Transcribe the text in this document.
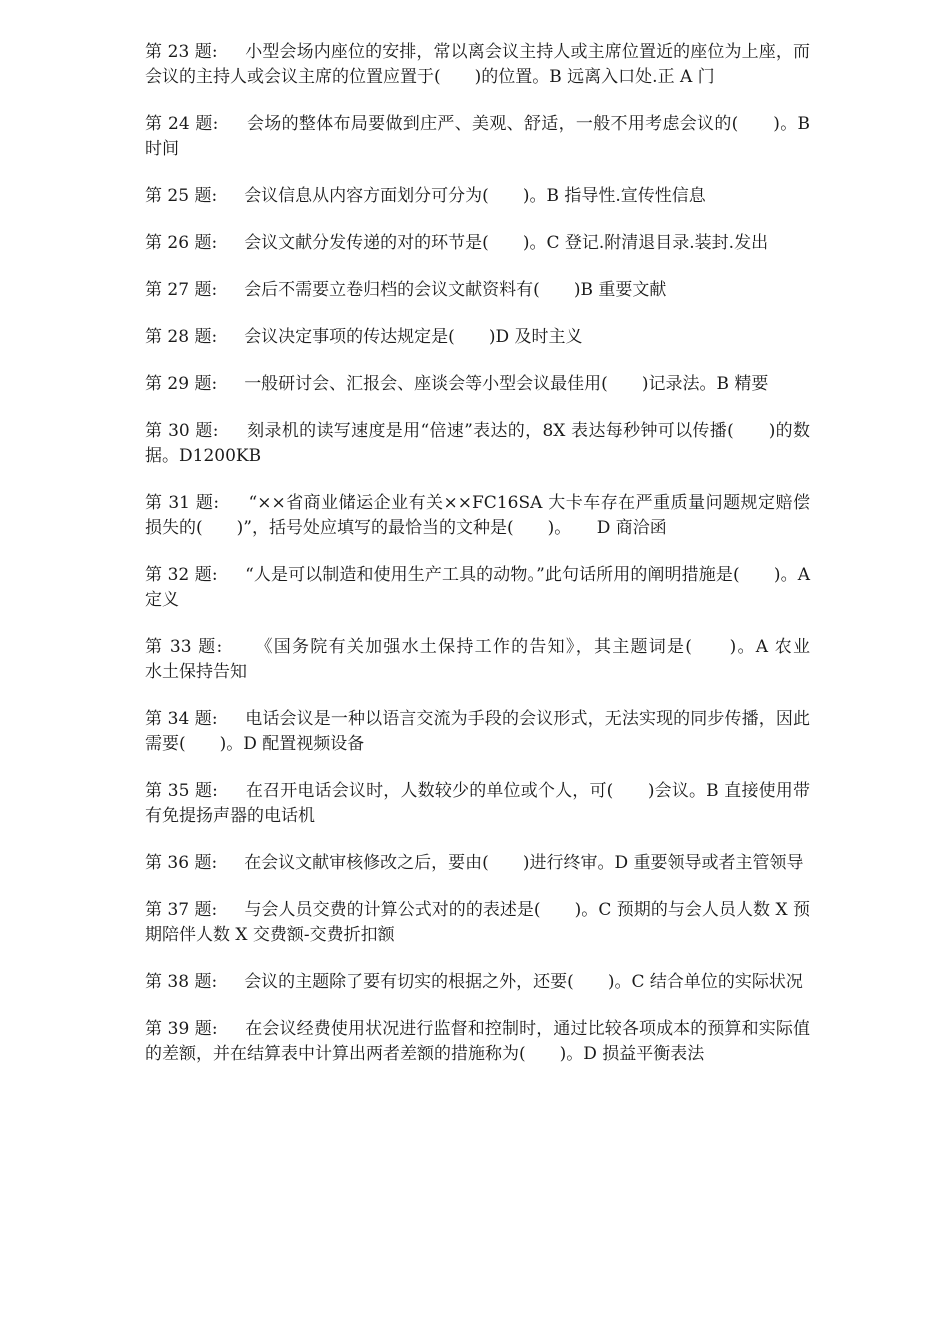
第 23 题:     小型会场内座位的安排，常以离会议主持人或主席位置近的座位为上座，而会议的主持人或会议主席的位置应置于(　　)的位置。B 远离入口处.正 A 门

第 24 题:     会场的整体布局要做到庄严、美观、舒适，一般不用考虑会议的(　　)。B 时间

第 25 题:     会议信息从内容方面划分可分为(　　)。B 指导性.宣传性信息

第 26 题:     会议文献分发传递的对的环节是(　　)。C 登记.附清退目录.装封.发出

第 27 题:     会后不需要立卷归档的会议文献资料有(　　)B 重要文献

第 28 题:     会议决定事项的传达规定是(　　)D 及时主义

第 29 题:     一般研讨会、汇报会、座谈会等小型会议最佳用(　　)记录法。B 精要

第 30 题:     刻录机的读写速度是用“倍速”表达的，8X 表达每秒钟可以传播(　　)的数据。D1200KB

第 31 题:     “××省商业储运企业有关××FC16SA 大卡车存在严重质量问题规定赔偿损失的(　　)”，括号处应填写的最恰当的文种是(　　)。　　D 商洽函

第 32 题:     “人是可以制造和使用生产工具的动物。”此句话所用的阐明措施是(　　)。A 定义

第 33 题:     《国务院有关加强水土保持工作的告知》，其主题词是(　　)。A 农业　　水土保持告知

第 34 题:     电话会议是一种以语言交流为手段的会议形式，无法实现的同步传播，因此需要(　　)。D 配置视频设备

第 35 题:     在召开电话会议时，人数较少的单位或个人，可(　　)会议。B 直接使用带有免提扬声器的电话机

第 36 题:     在会议文献审核修改之后，要由(　　)进行终审。D 重要领导或者主管领导

第 37 题:     与会人员交费的计算公式对的的表述是(　　)。C 预期的与会人员人数 X 预期陪伴人数 X 交费额-交费折扣额

第 38 题:     会议的主题除了要有切实的根据之外，还要(　　)。C 结合单位的实际状况

第 39 题:     在会议经费使用状况进行监督和控制时，通过比较各项成本的预算和实际值的差额，并在结算表中计算出两者差额的措施称为(　　)。D 损益平衡表法
